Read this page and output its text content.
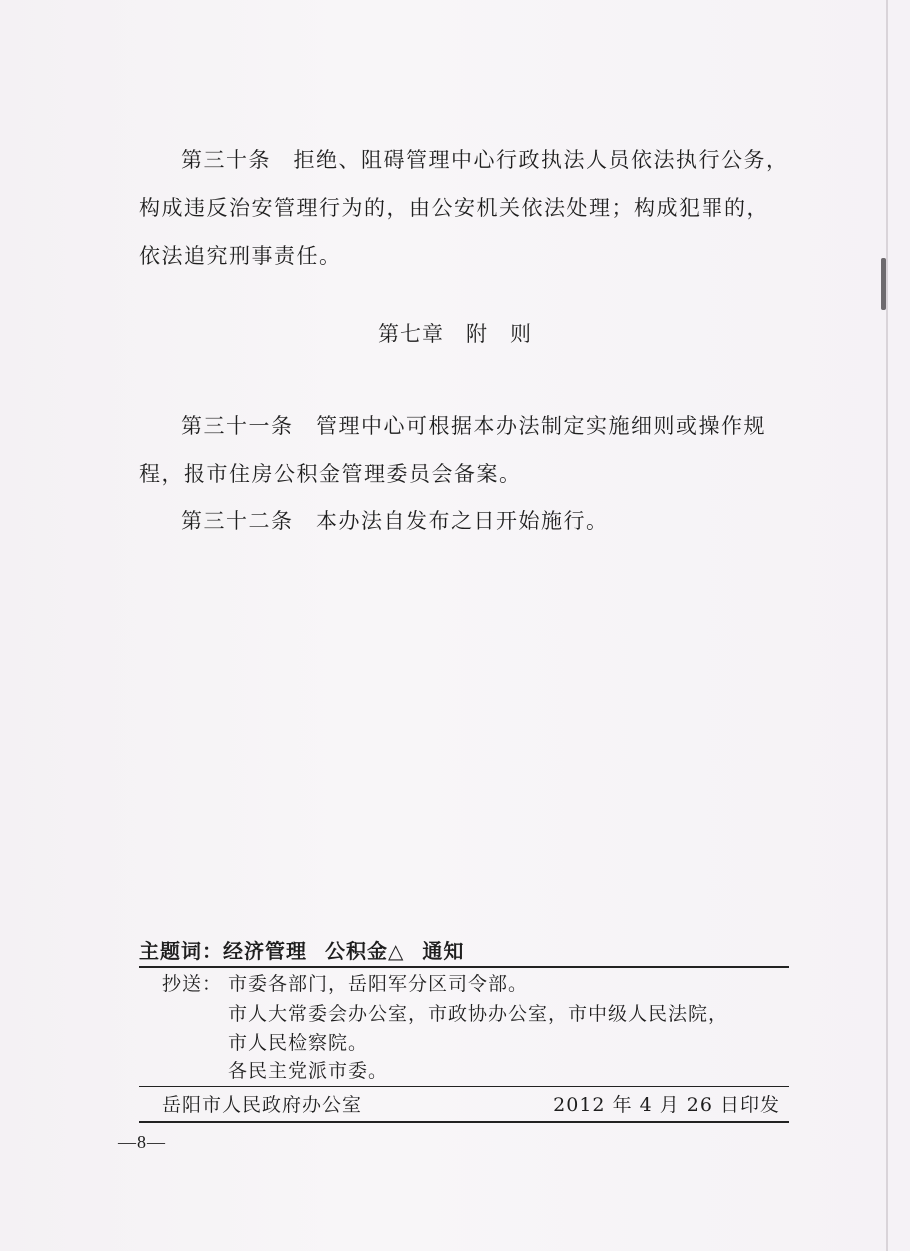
第三十条　拒绝、阻碍管理中心行政执法人员依法执行公务，构成违反治安管理行为的，由公安机关依法处理；构成犯罪的，依法追究刑事责任。

第七章 附 则

第三十一条　管理中心可根据本办法制定实施细则或操作规程，报市住房公积金管理委员会备案。

第三十二条　本办法自发布之日开始施行。

主题词：经济管理 公积金△ 通知
抄送： 市委各部门，岳阳军分区司令部。

市人大常委会办公室，市政协办公室，市中级人民法院，

市人民检察院。

各民主党派市委。

岳阳市人民政府办公室	2012 年 4 月 26 日印发
—8—
